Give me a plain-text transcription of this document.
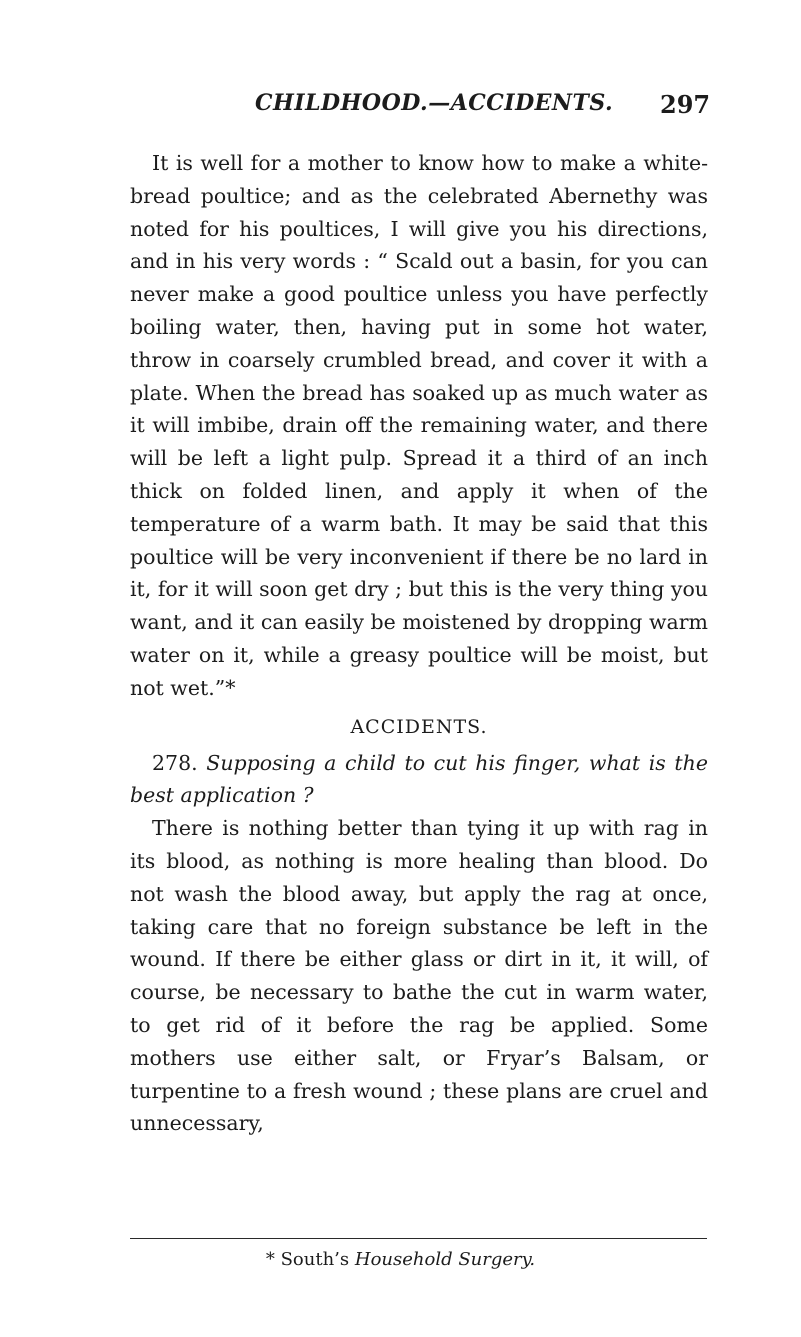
CHILDHOOD.—ACCIDENTS. 297

It is well for a mother to know how to make a white-bread poultice; and as the celebrated Abernethy was noted for his poultices, I will give you his directions, and in his very words : “ Scald out a basin, for you can never make a good poultice unless you have perfectly boiling water, then, having put in some hot water, throw in coarsely crumbled bread, and cover it with a plate. When the bread has soaked up as much water as it will imbibe, drain off the remaining water, and there will be left a light pulp. Spread it a third of an inch thick on folded linen, and apply it when of the temperature of a warm bath. It may be said that this poultice will be very inconvenient if there be no lard in it, for it will soon get dry ; but this is the very thing you want, and it can easily be moistened by dropping warm water on it, while a greasy poultice will be moist, but not wet.”*

ACCIDENTS.

278. Supposing a child to cut his finger, what is the best application ?

There is nothing better than tying it up with rag in its blood, as nothing is more healing than blood. Do not wash the blood away, but apply the rag at once, taking care that no foreign substance be left in the wound. If there be either glass or dirt in it, it will, of course, be necessary to bathe the cut in warm water, to get rid of it before the rag be applied. Some mothers use either salt, or Fryar’s Balsam, or turpentine to a fresh wound ; these plans are cruel and unnecessary,

* South’s Household Surgery.
